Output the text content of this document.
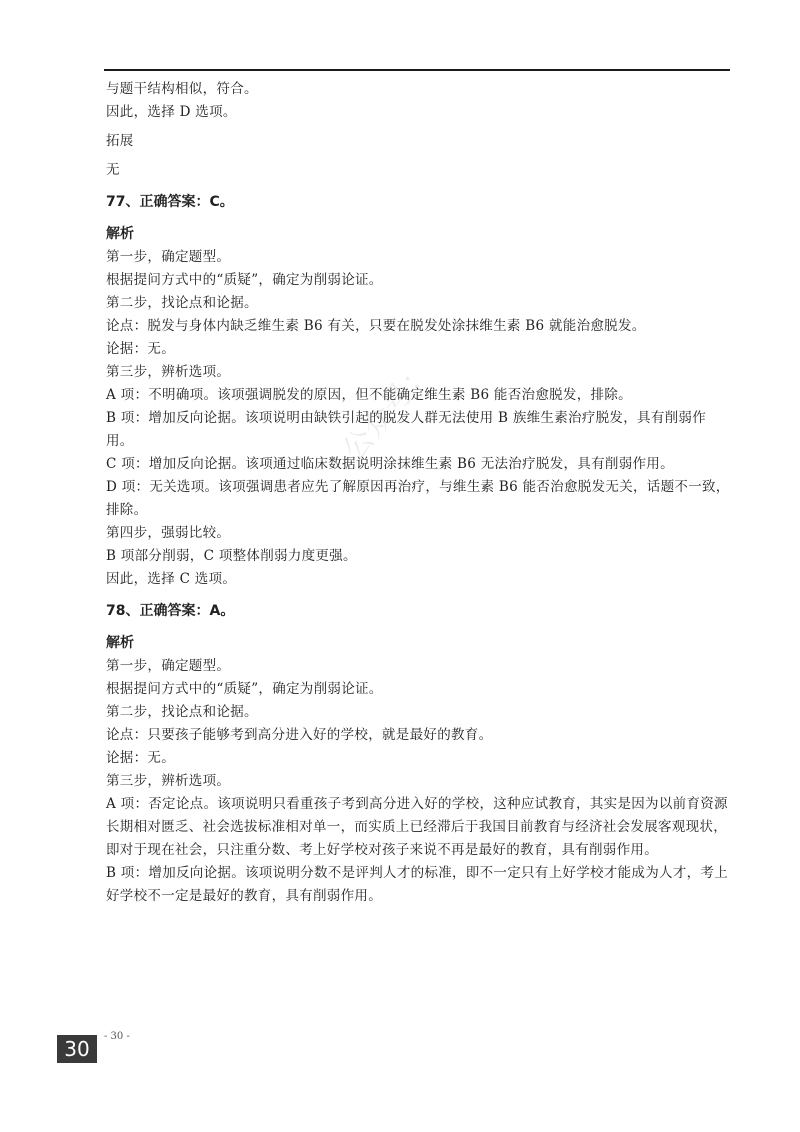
公众号：

与题干结构相似，符合。

因此，选择 D 选项。

拓展

无

77、正确答案：C。

解析

第一步，确定题型。

根据提问方式中的“质疑”，确定为削弱论证。

第二步，找论点和论据。

论点：脱发与身体内缺乏维生素 B6 有关，只要在脱发处涂抹维生素 B6 就能治愈脱发。

论据：无。

第三步，辨析选项。

A 项：不明确项。该项强调脱发的原因，但不能确定维生素 B6 能否治愈脱发，排除。

B 项：增加反向论据。该项说明由缺铁引起的脱发人群无法使用 B 族维生素治疗脱发，具有削弱作用。

C 项：增加反向论据。该项通过临床数据说明涂抹维生素 B6 无法治疗脱发，具有削弱作用。

D 项：无关选项。该项强调患者应先了解原因再治疗，与维生素 B6 能否治愈脱发无关，话题不一致，排除。

第四步，强弱比较。

B 项部分削弱，C 项整体削弱力度更强。

因此，选择 C 选项。

78、正确答案：A。

解析

第一步，确定题型。

根据提问方式中的“质疑”，确定为削弱论证。

第二步，找论点和论据。

论点：只要孩子能够考到高分进入好的学校，就是最好的教育。

论据：无。

第三步，辨析选项。

A 项：否定论点。该项说明只看重孩子考到高分进入好的学校，这种应试教育，其实是因为以前育资源长期相对匮乏、社会选拔标准相对单一，而实质上已经滞后于我国目前教育与经济社会发展客观现状，即对于现在社会，只注重分数、考上好学校对孩子来说不再是最好的教育，具有削弱作用。

B 项：增加反向论据。该项说明分数不是评判人才的标准，即不一定只有上好学校才能成为人才，考上好学校不一定是最好的教育，具有削弱作用。

30
- 30 -
